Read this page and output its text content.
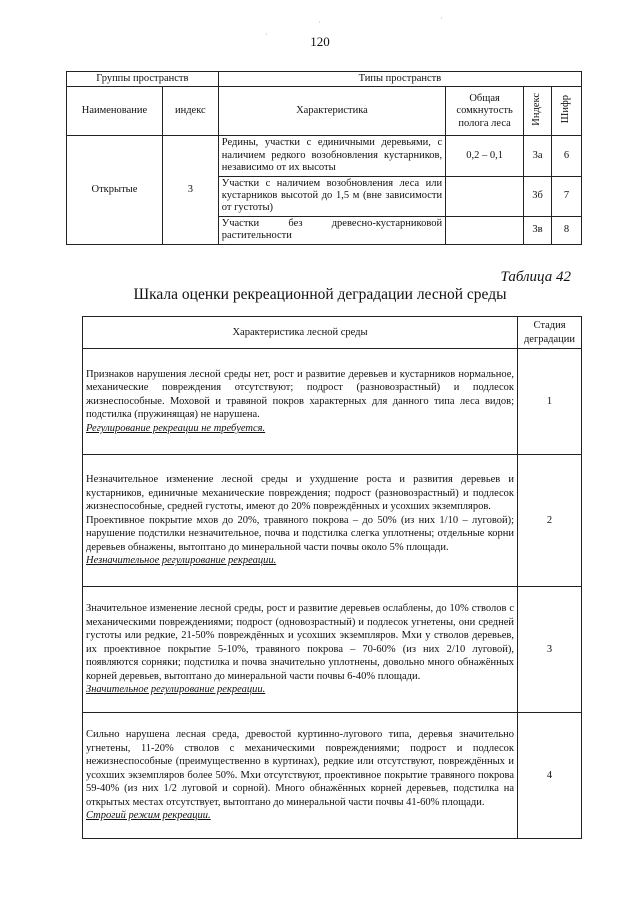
120
·
·
·
Группы пространств		Типы пространств			
Наименование	индекс	Характеристика	Общая сомкнутость полога леса	Индекс	Шифр
Открытые	3	Редины, участки с единичными деревьями, с наличием редкого возобновления кустарников, независимо от их высоты	0,2 – 0,1	3а	6
		Участки с наличием возобновления леса или кустарников высотой до 1,5 м (вне зависимости от густоты)		3б	7
		Участки без древесно-кустарниковой растительности		3в	8
Таблица 42
Шкала оценки рекреационной деградации лесной среды
Характеристика лесной среды	Стадия деградации

Признаков нарушения лесной среды нет, рост и развитие деревьев и кустарников нормальное, механические повреждения отсутствуют; подрост (разновозрастный) и подлесок жизнеспособные. Моховой и травяной покров характерных для данного типа леса видов; подстилка (пружинящая) не нарушена.

Регулирование рекреации не требуется.	1

Незначительное изменение лесной среды и ухудшение роста и развития деревьев и кустарников, единичные механические повреждения; подрост (разновозрастный) и подлесок жизнеспособные, средней густоты, имеют до 20% повреждённых и усохших экземпляров.

Проективное покрытие мхов до 20%, травяного покрова – до 50% (из них 1/10 – луговой); нарушение подстилки незначительное, почва и подстилка слегка уплотнены; отдельные корни деревьев обнажены, вытоптано до минеральной части почвы около 5% площади.

Незначительное регулирование рекреации.	2

Значительное изменение лесной среды, рост и развитие деревьев ослаблены, до 10% стволов с механическими повреждениями; подрост (одновозрастный) и подлесок угнетены, они средней густоты или редкие, 21-50% повреждённых и усохших экземпляров. Мхи у стволов деревьев, их проективное покрытие 5-10%, травяного покрова – 70-60% (из них 2/10 луговой), появляются сорняки; подстилка и почва значительно уплотнены, довольно много обнажённых корней деревьев, вытоптано до минеральной части почвы 6-40% площади.

Значительное регулирование рекреации.	3

Сильно нарушена лесная среда, древостой куртинно-лугового типа, деревья значительно угнетены, 11-20% стволов с механическими повреждениями; подрост и подлесок нежизнеспособные (преимущественно в куртинах), редкие или отсутствуют, повреждённых и усохших экземпляров более 50%. Мхи отсутствуют, проективное покрытие травяного покрова 59-40% (из них 1/2 луговой и сорной). Много обнажённых корней деревьев, подстилка на открытых местах отсутствует, вытоптано до минеральной части почвы 41-60% площади.

Строгий режим рекреации.	4
